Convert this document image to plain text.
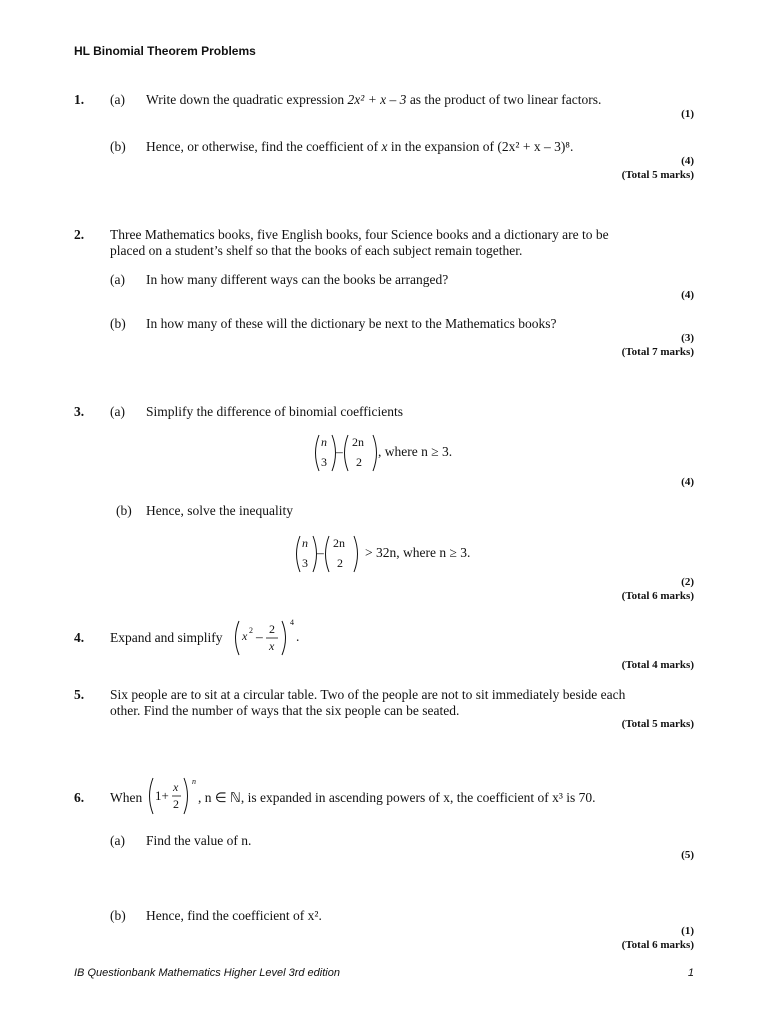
HL Binomial Theorem Problems
1. (a) Write down the quadratic expression 2x² + x – 3 as the product of two linear factors.
(1)
(b) Hence, or otherwise, find the coefficient of x in the expansion of (2x² + x – 3)⁸.
(4)
(Total 5 marks)
2. Three Mathematics books, five English books, four Science books and a dictionary are to be
placed on a student’s shelf so that the books of each subject remain together.
(a) In how many different ways can the books be arranged?
(4)
(b) In how many of these will the dictionary be next to the Mathematics books?
(3)
(Total 7 marks)
3. (a) Simplify the difference of binomial coefficients
n
3
–
2n
2
, where n ≥ 3.
(4)
(b) Hence, solve the inequality
n
3
–
2n
2
> 32n, where n ≥ 3.
(2)
(Total 6 marks)
4. Expand and simplify x 2 – 2
x
4
.
(Total 4 marks)
5. Six people are to sit at a circular table. Two of the people are not to sit immediately beside each
other. Find the number of ways that the six people can be seated.
(Total 5 marks)
6. When 1+
x
2
n
, n ∈ ℕ, is expanded in ascending powers of x, the coefficient of x³ is 70.
(a) Find the value of n.
(5)
(b) Hence, find the coefficient of x².
(1)
(Total 6 marks)
IB Questionbank Mathematics Higher Level 3rd edition	1
